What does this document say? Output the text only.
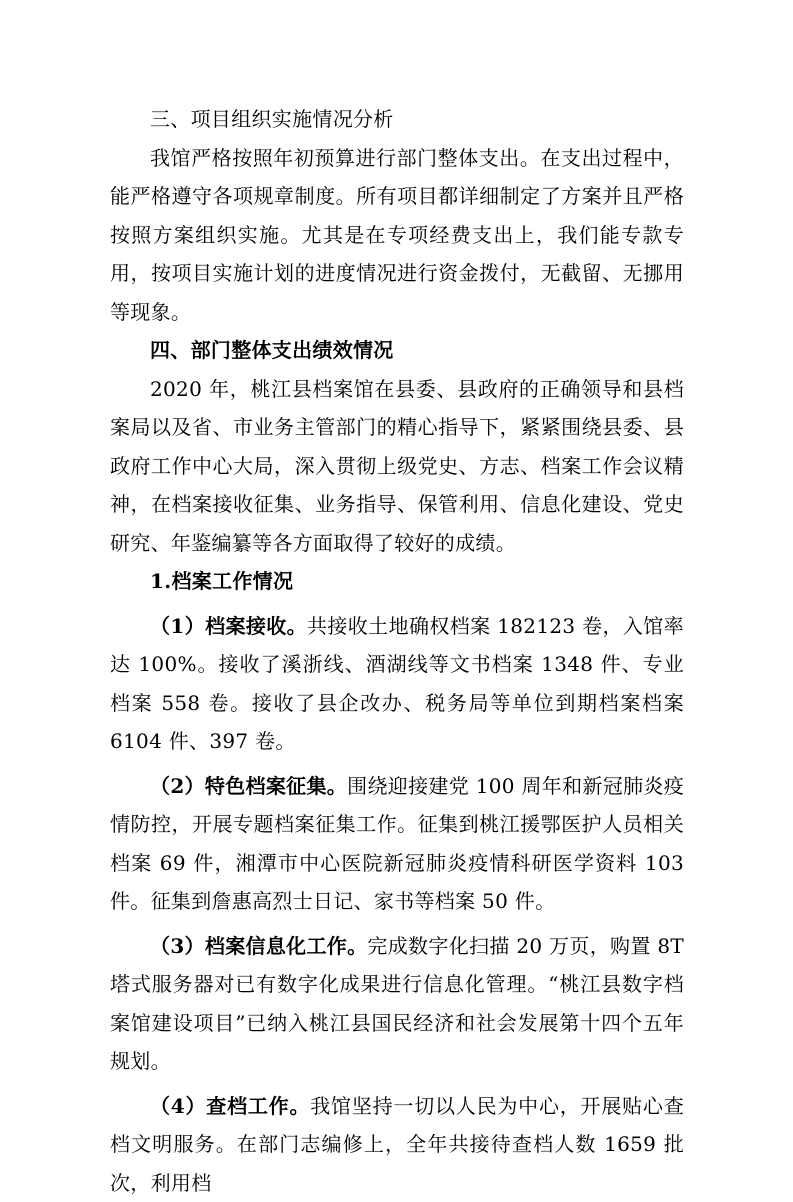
三、项目组织实施情况分析

我馆严格按照年初预算进行部门整体支出。在支出过程中，能严格遵守各项规章制度。所有项目都详细制定了方案并且严格按照方案组织实施。尤其是在专项经费支出上，我们能专款专用，按项目实施计划的进度情况进行资金拨付，无截留、无挪用等现象。

四、部门整体支出绩效情况

2020 年，桃江县档案馆在县委、县政府的正确领导和县档案局以及省、市业务主管部门的精心指导下，紧紧围绕县委、县政府工作中心大局，深入贯彻上级党史、方志、档案工作会议精神，在档案接收征集、业务指导、保管利用、信息化建设、党史研究、年鉴编纂等各方面取得了较好的成绩。

1.档案工作情况

（1）档案接收。共接收土地确权档案 182123 卷，入馆率达 100%。接收了溪浙线、酒湖线等文书档案 1348 件、专业档案 558 卷。接收了县企改办、税务局等单位到期档案档案 6104 件、397 卷。

（2）特色档案征集。围绕迎接建党 100 周年和新冠肺炎疫情防控，开展专题档案征集工作。征集到桃江援鄂医护人员相关档案 69 件，湘潭市中心医院新冠肺炎疫情科研医学资料 103 件。征集到詹惠高烈士日记、家书等档案 50 件。

（3）档案信息化工作。完成数字化扫描 20 万页，购置 8T塔式服务器对已有数字化成果进行信息化管理。“桃江县数字档案馆建设项目”已纳入桃江县国民经济和社会发展第十四个五年规划。

（4）查档工作。我馆坚持一切以人民为中心，开展贴心查档文明服务。在部门志编修上，全年共接待查档人数 1659 批次，利用档
